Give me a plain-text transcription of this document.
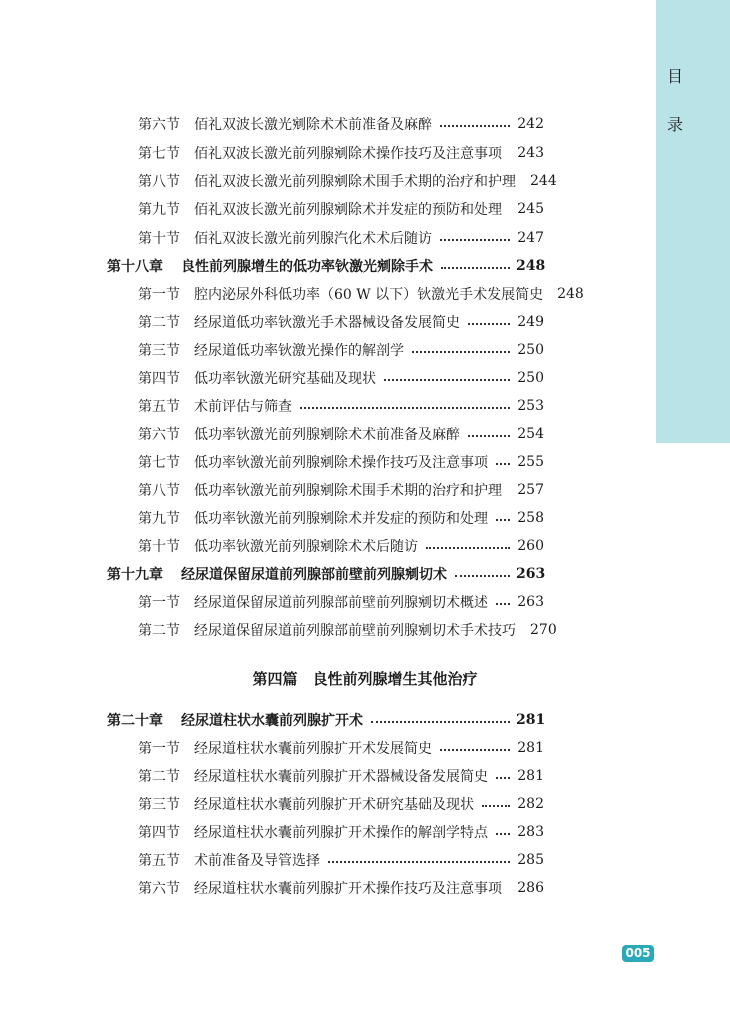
目
录
第六节 佰礼双波长激光剜除术术前准备及麻醉	242
第七节 佰礼双波长激光前列腺剜除术操作技巧及注意事项 243
第八节 佰礼双波长激光前列腺剜除术围手术期的治疗和护理 244
第九节 佰礼双波长激光前列腺剜除术并发症的预防和处理 245
第十节 佰礼双波长激光前列腺汽化术术后随访	247
第十八章 良性前列腺增生的低功率钬激光剜除手术	248
第一节 腔内泌尿外科低功率（60 W 以下）钬激光手术发展简史 248
第二节 经尿道低功率钬激光手术器械设备发展简史	249
第三节 经尿道低功率钬激光操作的解剖学	250
第四节 低功率钬激光研究基础及现状	250
第五节 术前评估与筛查	253
第六节 低功率钬激光前列腺剜除术术前准备及麻醉	254
第七节 低功率钬激光前列腺剜除术操作技巧及注意事项 255
第八节 低功率钬激光前列腺剜除术围手术期的治疗和护理 257
第九节 低功率钬激光前列腺剜除术并发症的预防和处理 258
第十节 低功率钬激光前列腺剜除术术后随访	260
第十九章 经尿道保留尿道前列腺部前壁前列腺剜切术	263
第一节 经尿道保留尿道前列腺部前壁前列腺剜切术概述 263
第二节 经尿道保留尿道前列腺部前壁前列腺剜切术手术技巧 270
第四篇　良性前列腺增生其他治疗
第二十章 经尿道柱状水囊前列腺扩开术	281
第一节 经尿道柱状水囊前列腺扩开术发展简史	281
第二节 经尿道柱状水囊前列腺扩开术器械设备发展简史 281
第三节 经尿道柱状水囊前列腺扩开术研究基础及现状	282
第四节 经尿道柱状水囊前列腺扩开术操作的解剖学特点 283
第五节 术前准备及导管选择	285
第六节 经尿道柱状水囊前列腺扩开术操作技巧及注意事项 286
005
